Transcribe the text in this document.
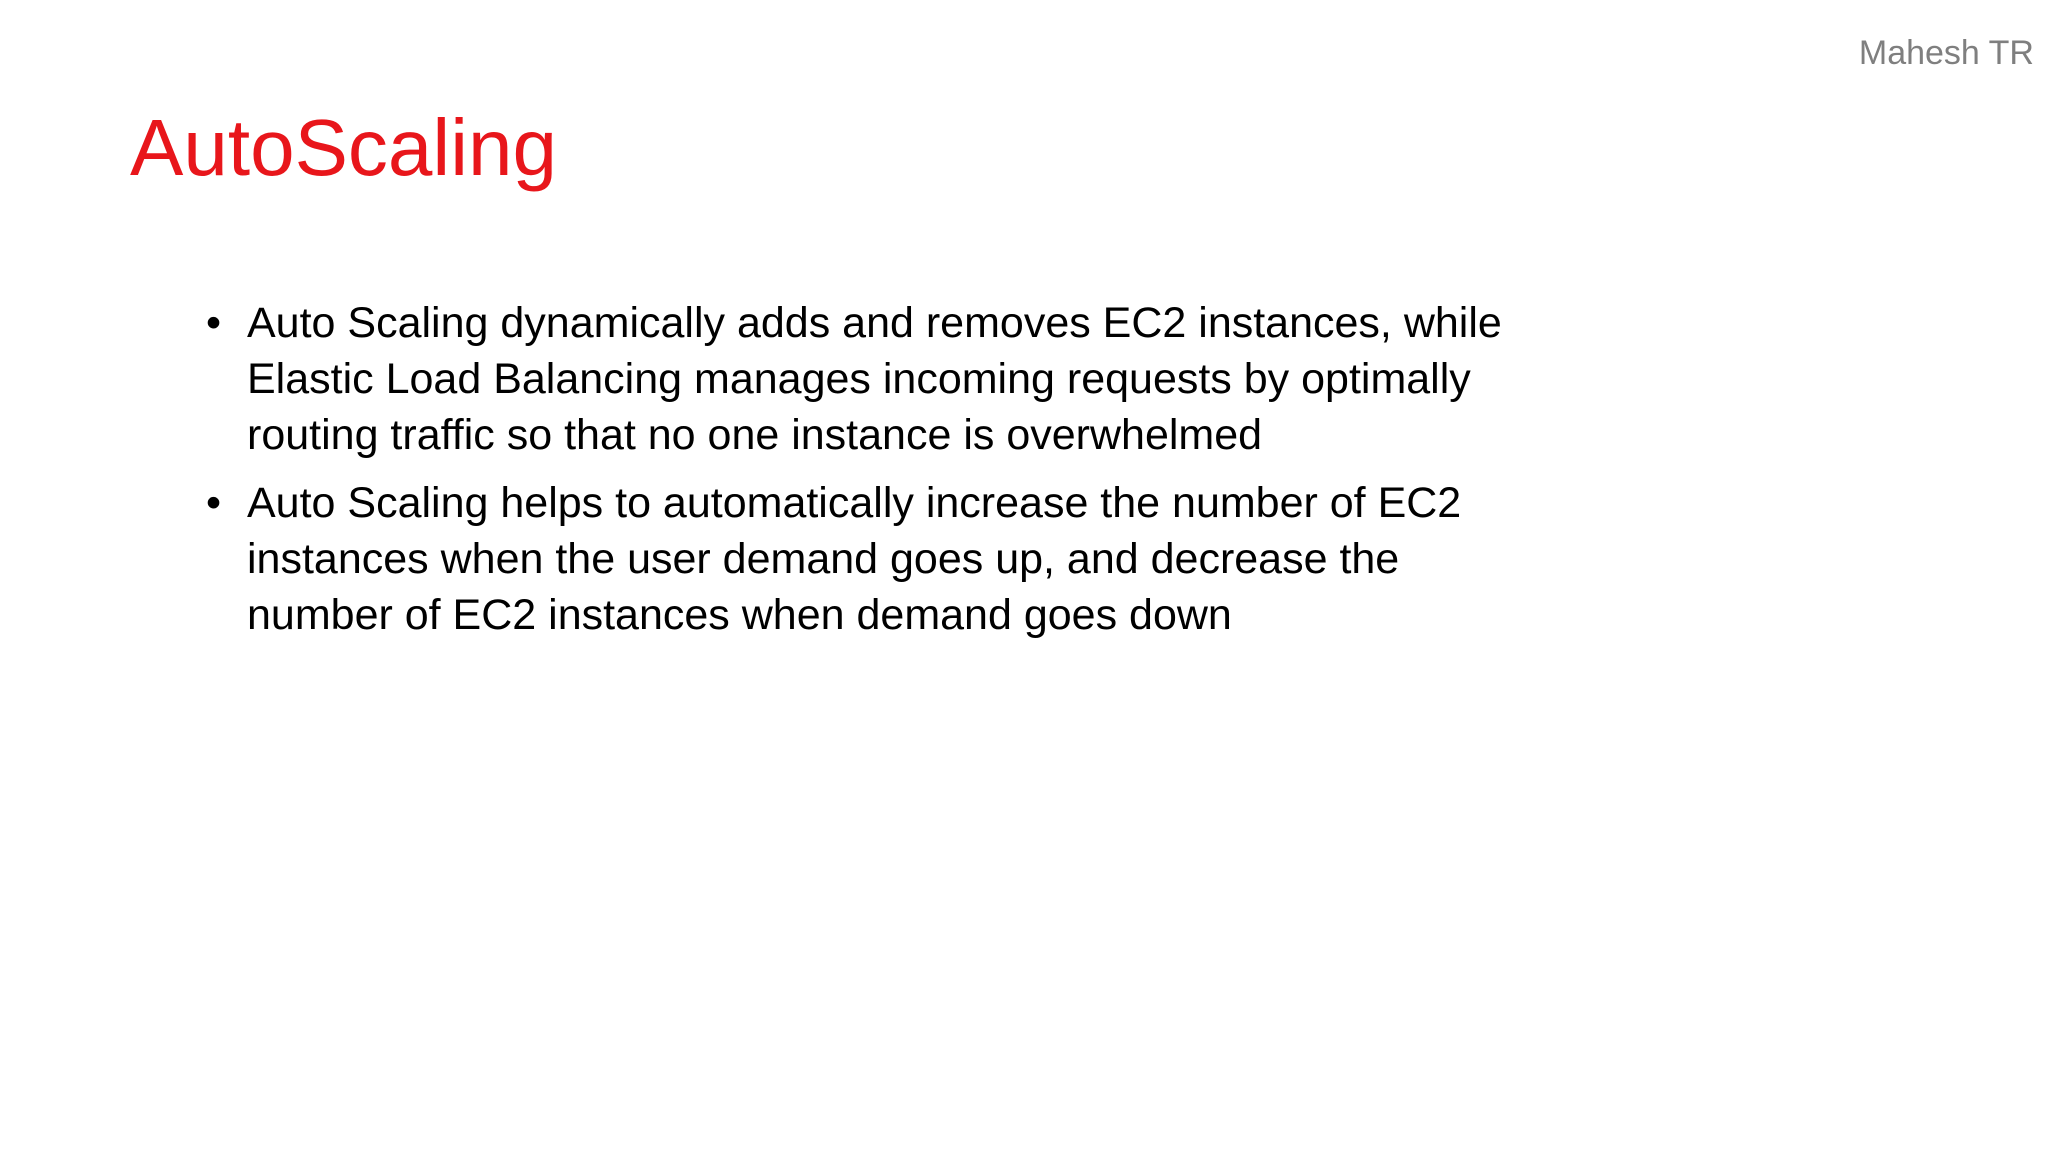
Mahesh TR
AutoScaling
• Auto Scaling dynamically adds and removes EC2 instances, while Elastic Load Balancing manages incoming requests by optimally routing traffic so that no one instance is overwhelmed
• Auto Scaling helps to automatically increase the number of EC2 instances when the user demand goes up, and decrease the number of EC2 instances when demand goes down
